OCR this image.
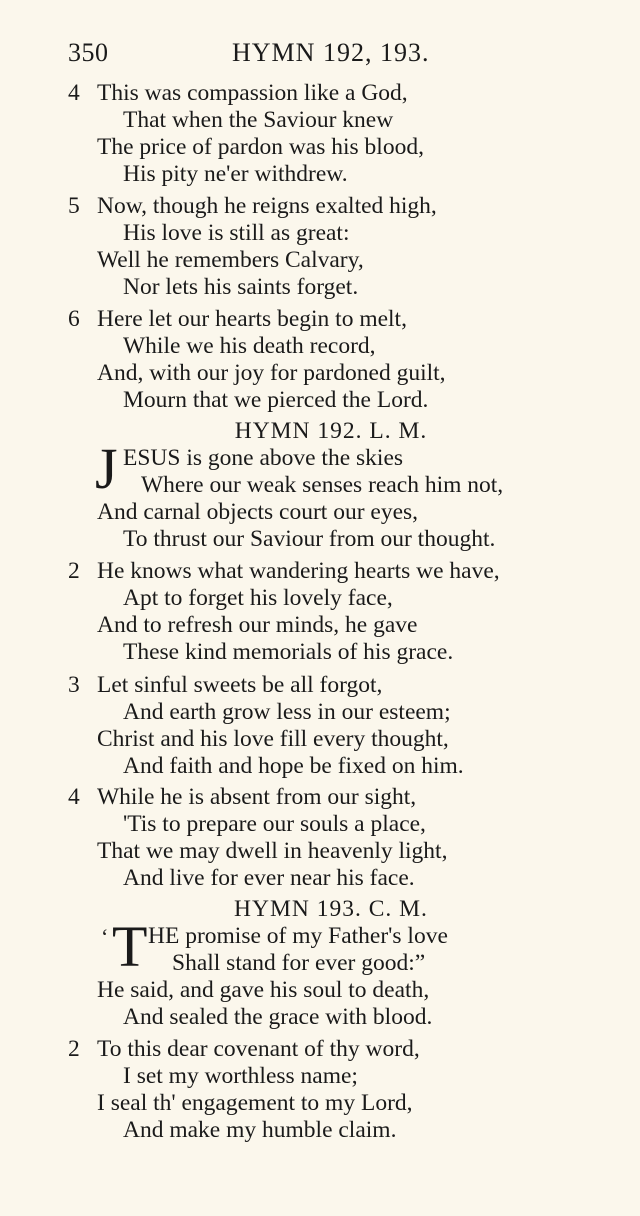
350	HYMN 192, 193.
4 This was compassion like a God,
That when the Saviour knew
The price of pardon was his blood,
His pity ne'er withdrew.
5 Now, though he reigns exalted high,
His love is still as great:
Well he remembers Calvary,
Nor lets his saints forget.
6 Here let our hearts begin to melt,
While we his death record,
And, with our joy for pardoned guilt,
Mourn that we pierced the Lord.
HYMN 192. L. M.
J ESUS is gone above the skies
Where our weak senses reach him not,
And carnal objects court our eyes,
To thrust our Saviour from our thought.
2 He knows what wandering hearts we have,
Apt to forget his lovely face,
And to refresh our minds, he gave
These kind memorials of his grace.
3 Let sinful sweets be all forgot,
And earth grow less in our esteem;
Christ and his love fill every thought,
And faith and hope be fixed on him.
4 While he is absent from our sight,
'Tis to prepare our souls a place,
That we may dwell in heavenly light,
And live for ever near his face.
HYMN 193. C. M.
‘ T HE promise of my Father's love
Shall stand for ever good:”
He said, and gave his soul to death,
And sealed the grace with blood.
2 To this dear covenant of thy word,
I set my worthless name;
I seal th' engagement to my Lord,
And make my humble claim.
